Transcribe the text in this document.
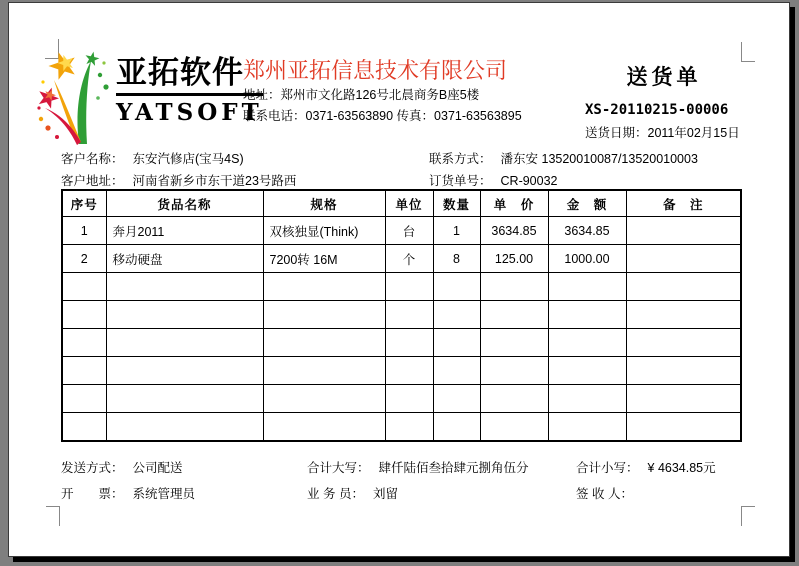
亚拓软件
YATSOFT
郑州亚拓信息技术有限公司
地址：郑州市文化路126号北晨商务B座5楼
联系电话：0371-63563890 传真：0371-63563895
送货单
XS-20110215-00006
送货日期：2011年02月15日
客户名称： 东安汽修店(宝马4S)	联系方式： 潘东安 13520010087/13520010003
客户地址： 河南省新乡市东干道23号路西	订货单号： CR-90032
序号	货品名称	规格	单位	数量	单　价	金　额	备　注
1	奔月2011	双核独显(Think)	台	1	3634.85	3634.85	
2	移动硬盘	7200转 16M	个	8	125.00	1000.00	

发送方式： 公司配送	合计大写： 肆仟陆佰叁拾肆元捌角伍分	合计小写： ¥ 4634.85元
开　　票： 系统管理员	业 务 员： 刘留	签 收 人：
